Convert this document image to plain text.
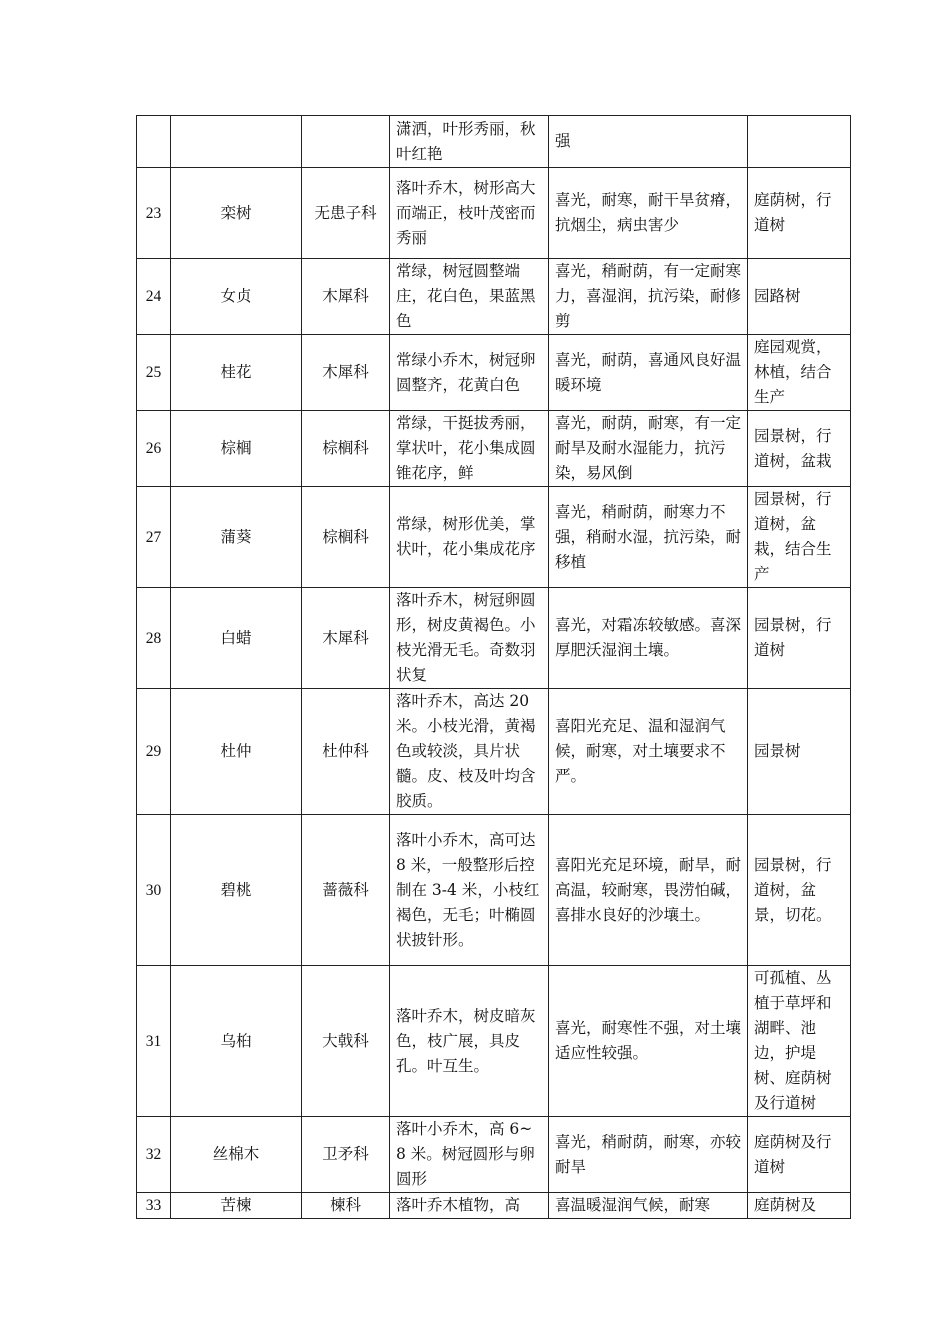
			潇洒，叶形秀丽，秋叶红艳	强	
23	栾树	无患子科	落叶乔木，树形高大而端正，枝叶茂密而秀丽	喜光，耐寒，耐干旱贫瘠，抗烟尘，病虫害少	庭荫树，行道树
24	女贞	木犀科	常绿，树冠圆整端庄，花白色，果蓝黑色	喜光，稍耐荫，有一定耐寒力，喜湿润，抗污染，耐修剪	园路树
25	桂花	木犀科	常绿小乔木，树冠卵圆整齐，花黄白色	喜光，耐荫，喜通风良好温暖环境	庭园观赏，林植，结合生产
26	棕榈	棕榈科	常绿，干挺拔秀丽，掌状叶，花小集成圆锥花序，鲜	喜光，耐荫，耐寒，有一定耐旱及耐水湿能力，抗污染，易风倒	园景树，行道树，盆栽
27	蒲葵	棕榈科	常绿，树形优美，掌状叶，花小集成花序	喜光，稍耐荫，耐寒力不强，稍耐水湿，抗污染，耐移植	园景树，行道树，盆栽，结合生产
28	白蜡	木犀科	落叶乔木，树冠卵圆形，树皮黄褐色。小枝光滑无毛。奇数羽状复	喜光，对霜冻较敏感。喜深厚肥沃湿润土壤。	园景树，行道树
29	杜仲	杜仲科	落叶乔木，高达 20米。小枝光滑，黄褐色或较淡，具片状髓。皮、枝及叶均含胶质。	喜阳光充足、温和湿润气候，耐寒，对土壤要求不严。	园景树
30	碧桃	蔷薇科	落叶小乔木，高可达 8 米，一般整形后控制在 3-4 米，小枝红褐色，无毛；叶椭圆状披针形。	喜阳光充足环境，耐旱，耐高温，较耐寒，畏涝怕碱，喜排水良好的沙壤土。	园景树，行道树，盆景，切花。
31	乌桕	大戟科	落叶乔木，树皮暗灰色，枝广展，具皮孔。叶互生。	喜光，耐寒性不强，对土壤适应性较强。	可孤植、丛植于草坪和湖畔、池边，护堤树、庭荫树及行道树
32	丝棉木	卫矛科	落叶小乔木，高 6~8 米。树冠圆形与卵圆形	喜光，稍耐荫，耐寒，亦较耐旱	庭荫树及行道树
33	苦楝	楝科	落叶乔木植物，高	喜温暖湿润气候，耐寒	庭荫树及
